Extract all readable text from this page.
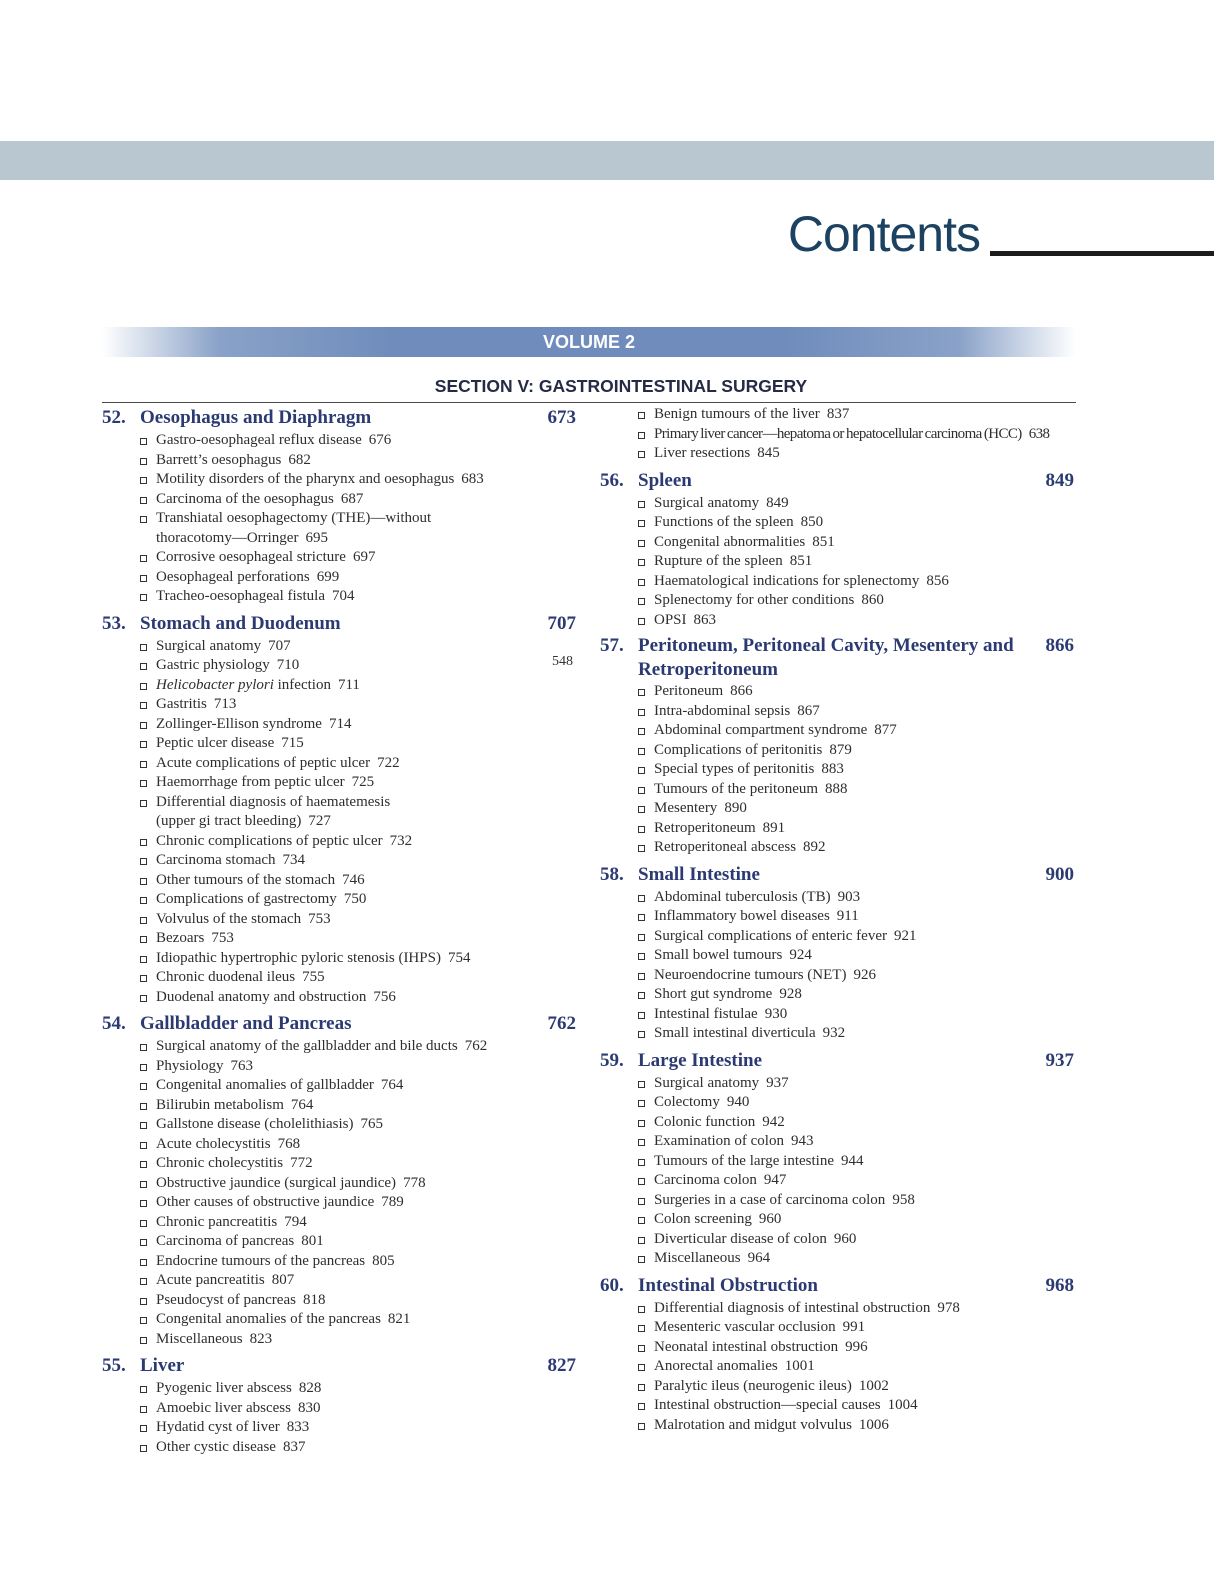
Contents
VOLUME 2
SECTION V: GASTROINTESTINAL SURGERY
548
52. Oesophagus and Diaphragm	673
Gastro-oesophageal reflux disease 676
Barrett’s oesophagus 682
Motility disorders of the pharynx and oesophagus 683
Carcinoma of the oesophagus 687
Transhiatal oesophagectomy (THE)—without
thoracotomy—Orringer 695
Corrosive oesophageal stricture 697
Oesophageal perforations 699
Tracheo-oesophageal fistula 704
53. Stomach and Duodenum	707
Surgical anatomy 707
Gastric physiology 710
Helicobacter pylori infection 711
Gastritis 713
Zollinger-Ellison syndrome 714
Peptic ulcer disease 715
Acute complications of peptic ulcer 722
Haemorrhage from peptic ulcer 725
Differential diagnosis of haematemesis
(upper gi tract bleeding) 727
Chronic complications of peptic ulcer 732
Carcinoma stomach 734
Other tumours of the stomach 746
Complications of gastrectomy 750
Volvulus of the stomach 753
Bezoars 753
Idiopathic hypertrophic pyloric stenosis (IHPS) 754
Chronic duodenal ileus 755
Duodenal anatomy and obstruction 756
54. Gallbladder and Pancreas	762
Surgical anatomy of the gallbladder and bile ducts 762
Physiology 763
Congenital anomalies of gallbladder 764
Bilirubin metabolism 764
Gallstone disease (cholelithiasis) 765
Acute cholecystitis 768
Chronic cholecystitis 772
Obstructive jaundice (surgical jaundice) 778
Other causes of obstructive jaundice 789
Chronic pancreatitis 794
Carcinoma of pancreas 801
Endocrine tumours of the pancreas 805
Acute pancreatitis 807
Pseudocyst of pancreas 818
Congenital anomalies of the pancreas 821
Miscellaneous 823
55. Liver	827
Pyogenic liver abscess 828
Amoebic liver abscess 830
Hydatid cyst of liver 833
Other cystic disease 837
Benign tumours of the liver 837
Primary liver cancer—hepatoma or hepatocellular carcinoma (HCC) 638
Liver resections 845
56. Spleen	849
Surgical anatomy 849
Functions of the spleen 850
Congenital abnormalities 851
Rupture of the spleen 851
Haematological indications for splenectomy 856
Splenectomy for other conditions 860
OPSI 863
57. Peritoneum, Peritoneal Cavity, Mesentery and Retroperitoneum
866
Peritoneum 866
Intra-abdominal sepsis 867
Abdominal compartment syndrome 877
Complications of peritonitis 879
Special types of peritonitis 883
Tumours of the peritoneum 888
Mesentery 890
Retroperitoneum 891
Retroperitoneal abscess 892
58. Small Intestine	900
Abdominal tuberculosis (TB) 903
Inflammatory bowel diseases 911
Surgical complications of enteric fever 921
Small bowel tumours 924
Neuroendocrine tumours (NET) 926
Short gut syndrome 928
Intestinal fistulae 930
Small intestinal diverticula 932
59. Large Intestine	937
Surgical anatomy 937
Colectomy 940
Colonic function 942
Examination of colon 943
Tumours of the large intestine 944
Carcinoma colon 947
Surgeries in a case of carcinoma colon 958
Colon screening 960
Diverticular disease of colon 960
Miscellaneous 964
60. Intestinal Obstruction	968
Differential diagnosis of intestinal obstruction 978
Mesenteric vascular occlusion 991
Neonatal intestinal obstruction 996
Anorectal anomalies 1001
Paralytic ileus (neurogenic ileus) 1002
Intestinal obstruction—special causes 1004
Malrotation and midgut volvulus 1006
